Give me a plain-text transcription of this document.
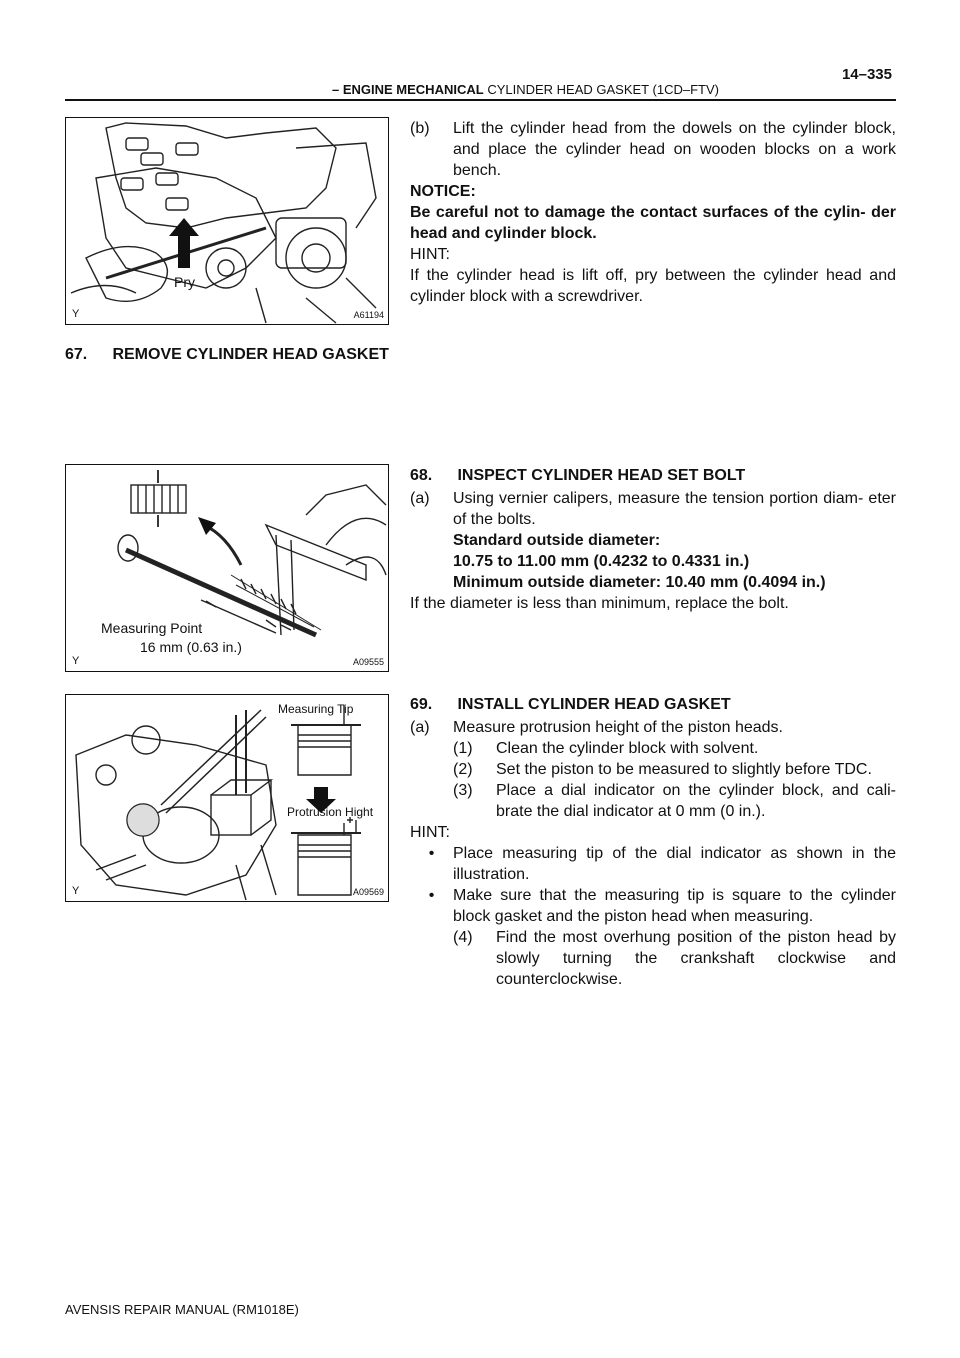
14–335
– ENGINE MECHANICAL CYLINDER HEAD GASKET (1CD–FTV)
Pry
Y	A61194
(b)	Lift the cylinder head from the dowels on the cylinder block, and place the cylinder head on wooden blocks on a work bench.
NOTICE:
Be careful not to damage the contact surfaces of the cylin- der head and cylinder block.
HINT:
If the cylinder head is lift off, pry between the cylinder head and cylinder block with a screwdriver.
67. REMOVE CYLINDER HEAD GASKET
Measuring Point
16 mm (0.63 in.)
Y	A09555
68. INSPECT CYLINDER HEAD SET BOLT
(a)	Using vernier calipers, measure the tension portion diam- eter of the bolts.
Standard outside diameter:
10.75 to 11.00 mm (0.4232 to 0.4331 in.)
Minimum outside diameter: 10.40 mm (0.4094 in.)
If the diameter is less than minimum, replace the bolt.
Measuring Tip
Protrusion Hight
Y	A09569
69. INSTALL CYLINDER HEAD GASKET
(a)	Measure protrusion height of the piston heads.
(1)	Clean the cylinder block with solvent.
(2)	Set the piston to be measured to slightly before TDC.
(3)	Place a dial indicator on the cylinder block, and cali- brate the dial indicator at 0 mm (0 in.).
HINT:
•	Place measuring tip of the dial indicator as shown in the illustration.
•	Make sure that the measuring tip is square to the cylinder block gasket and the piston head when measuring.
(4)	Find the most overhung position of the piston head by slowly turning the crankshaft clockwise and counterclockwise.
AVENSIS REPAIR MANUAL (RM1018E)
